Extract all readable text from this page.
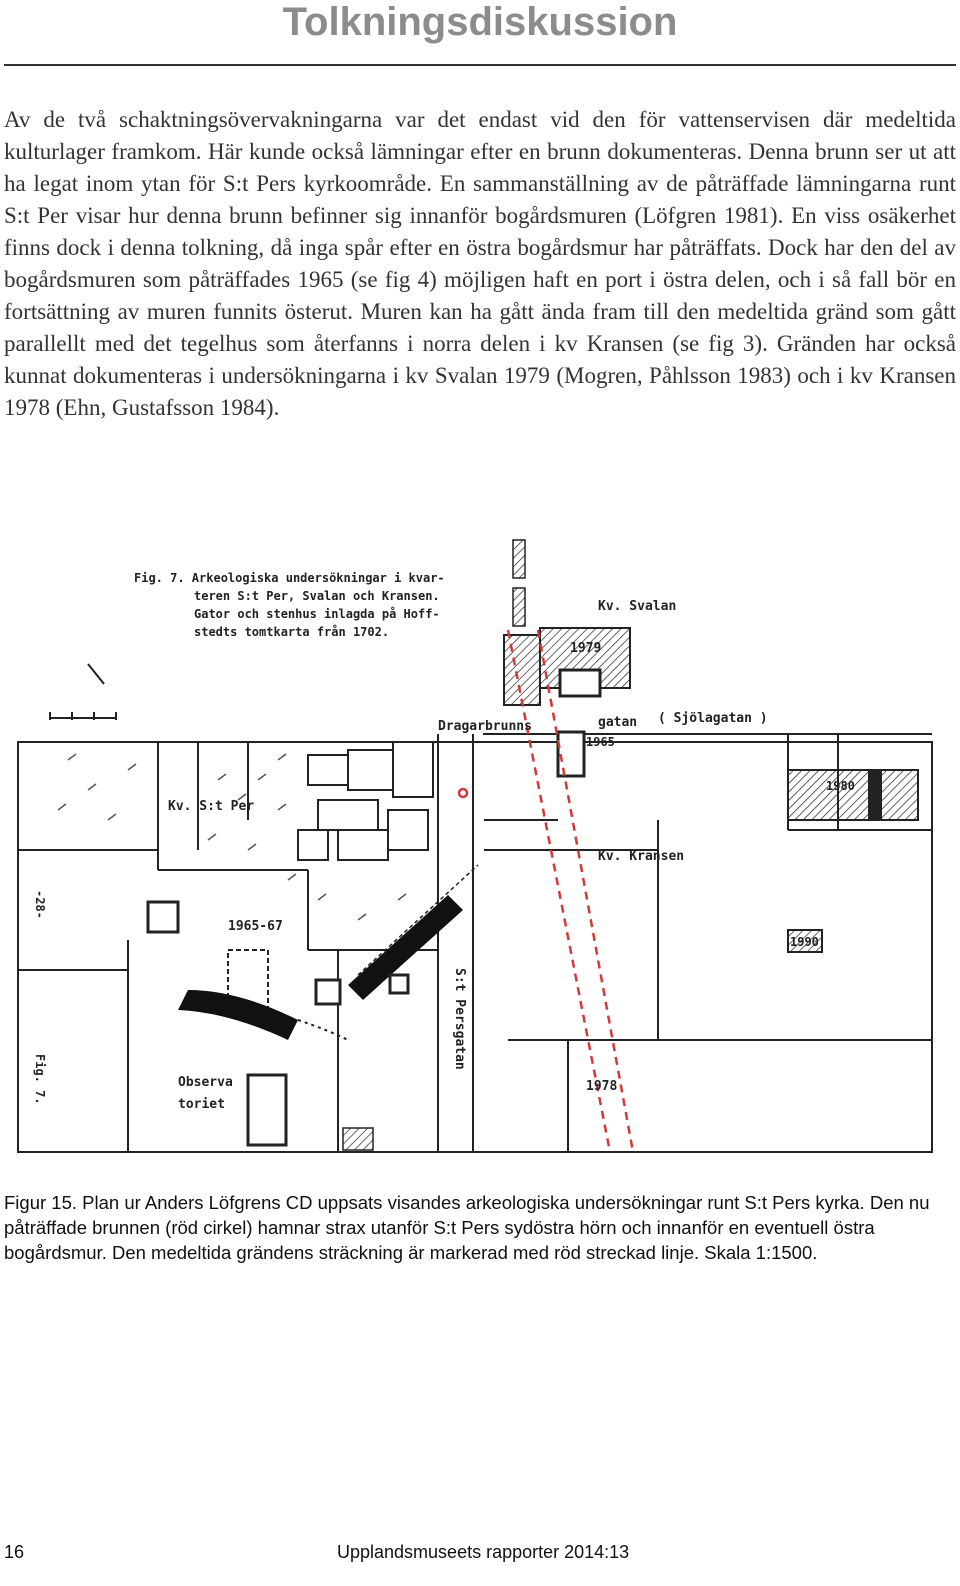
Tolkningsdiskussion

Av de två schaktningsövervakningarna var det endast vid den för vattenservisen där medeltida kulturlager framkom. Här kunde också lämningar efter en brunn dokumenteras. Denna brunn ser ut att ha legat inom ytan för S:t Pers kyrkoområde. En sammanställning av de påträffade lämningarna runt S:t Per visar hur denna brunn befinner sig innanför bogårdsmuren (Löfgren 1981). En viss osäkerhet finns dock i denna tolkning, då inga spår efter en östra bogårdsmur har påträffats. Dock har den del av bogårdsmuren som påträffades 1965 (se fig 4) möjligen haft en port i östra delen, och i så fall bör en fortsättning av muren funnits österut. Muren kan ha gått ända fram till den medeltida gränd som gått parallellt med det tegelhus som återfanns i norra delen i kv Kransen (se fig 3). Gränden har också kunnat dokumenteras i undersökningarna i kv Svalan 1979 (Mogren, Påhlsson 1983) och i kv Kransen 1978 (Ehn, Gustafsson 1984).

Fig. 7. Arkeologiska undersökningar i kvar-
teren S:t Per, Svalan och Kransen.
Gator och stenhus inlagda på Hoff-
stedts tomtkarta från 1702.
Kv. Svalan
1979
Dragarbrunns	gatan ( Sjölagatan )
1965
Kv. S:t Per
Kv. Kransen
1965-67
1980
1990
S:t Persgatan
Observa
toriet
1978
Fig. 7.
-28-

Figur 15. Plan ur Anders Löfgrens CD uppsats visandes arkeologiska undersökningar runt S:t Pers kyrka. Den nu påträffade brunnen (röd cirkel) hamnar strax utanför S:t Pers sydöstra hörn och innanför en eventuell östra bogårdsmur. Den medeltida grändens sträckning är markerad med röd streckad linje. Skala 1:1500.

16	Upplandsmuseets rapporter 2014:13
